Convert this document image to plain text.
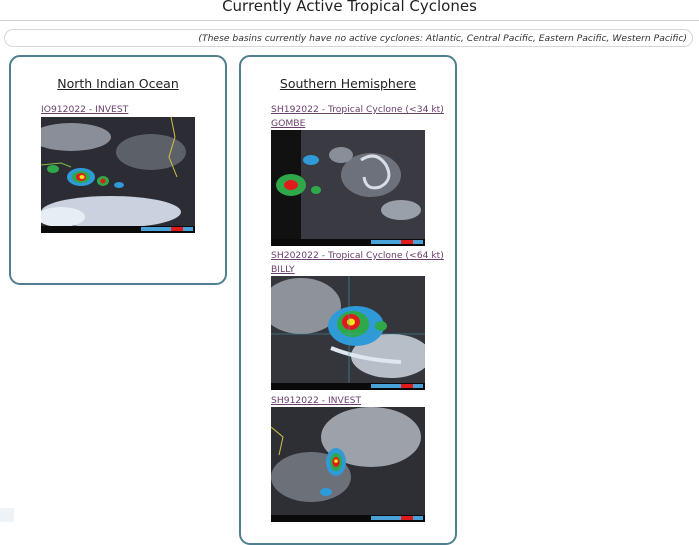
Currently Active Tropical Cyclones
(These basins currently have no active cyclones: Atlantic, Central Pacific, Eastern Pacific, Western Pacific)
North Indian Ocean
IO912022 - INVEST
Southern Hemisphere
SH192022 - Tropical Cyclone (<34 kt)
GOMBE
SH202022 - Tropical Cyclone (<64 kt)
BILLY
SH912022 - INVEST
